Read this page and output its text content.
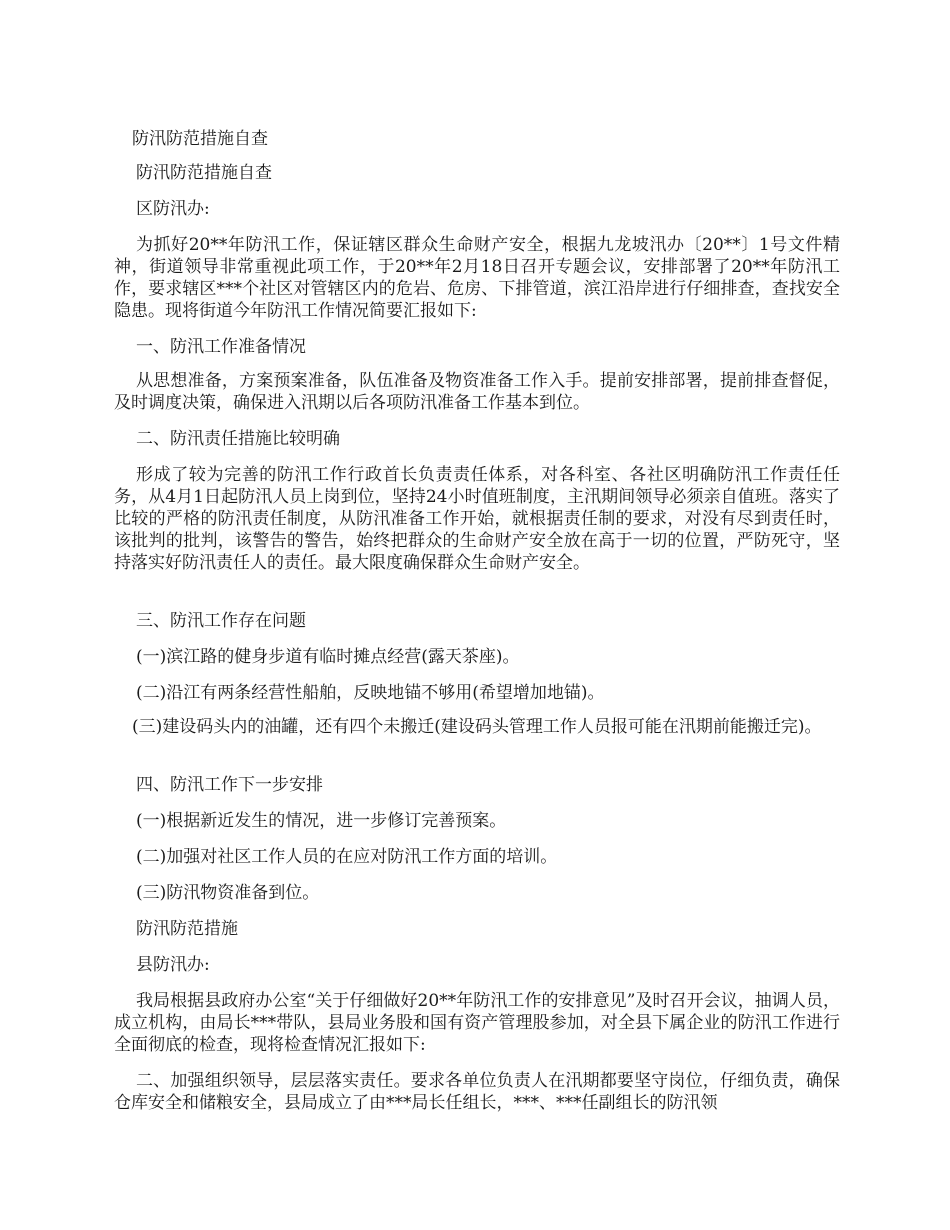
防汛防范措施自查

防汛防范措施自查

区防汛办:

为抓好20**年防汛工作，保证辖区群众生命财产安全，根据九龙坡汛办〔20**〕1号文件精神，街道领导非常重视此项工作，于20**年2月18日召开专题会议，安排部署了20**年防汛工作，要求辖区***个社区对管辖区内的危岩、危房、下排管道，滨江沿岸进行仔细排查，查找安全隐患。现将街道今年防汛工作情况简要汇报如下:

一、防汛工作准备情况

从思想准备，方案预案准备，队伍准备及物资准备工作入手。提前安排部署，提前排查督促，及时调度决策，确保进入汛期以后各项防汛准备工作基本到位。

二、防汛责任措施比较明确

形成了较为完善的防汛工作行政首长负责责任体系，对各科室、各社区明确防汛工作责任任务，从4月1日起防汛人员上岗到位，坚持24小时值班制度，主汛期间领导必须亲自值班。落实了比较的严格的防汛责任制度，从防汛准备工作开始，就根据责任制的要求，对没有尽到责任时，该批判的批判，该警告的警告，始终把群众的生命财产安全放在高于一切的位置，严防死守，坚持落实好防汛责任人的责任。最大限度确保群众生命财产安全。

三、防汛工作存在问题

(一)滨江路的健身步道有临时摊点经营(露天茶座)。

(二)沿江有两条经营性船舶，反映地锚不够用(希望增加地锚)。

(三)建设码头内的油罐，还有四个未搬迁(建设码头管理工作人员报可能在汛期前能搬迁完)。

四、防汛工作下一步安排

(一)根据新近发生的情况，进一步修订完善预案。

(二)加强对社区工作人员的在应对防汛工作方面的培训。

(三)防汛物资准备到位。

防汛防范措施

县防汛办:

我局根据县政府办公室“关于仔细做好20**年防汛工作的安排意见”及时召开会议，抽调人员，成立机构，由局长***带队，县局业务股和国有资产管理股参加，对全县下属企业的防汛工作进行全面彻底的检查，现将检查情况汇报如下:

二、加强组织领导，层层落实责任。要求各单位负责人在汛期都要坚守岗位，仔细负责，确保仓库安全和储粮安全，县局成立了由***局长任组长，***、***任副组长的防汛领
